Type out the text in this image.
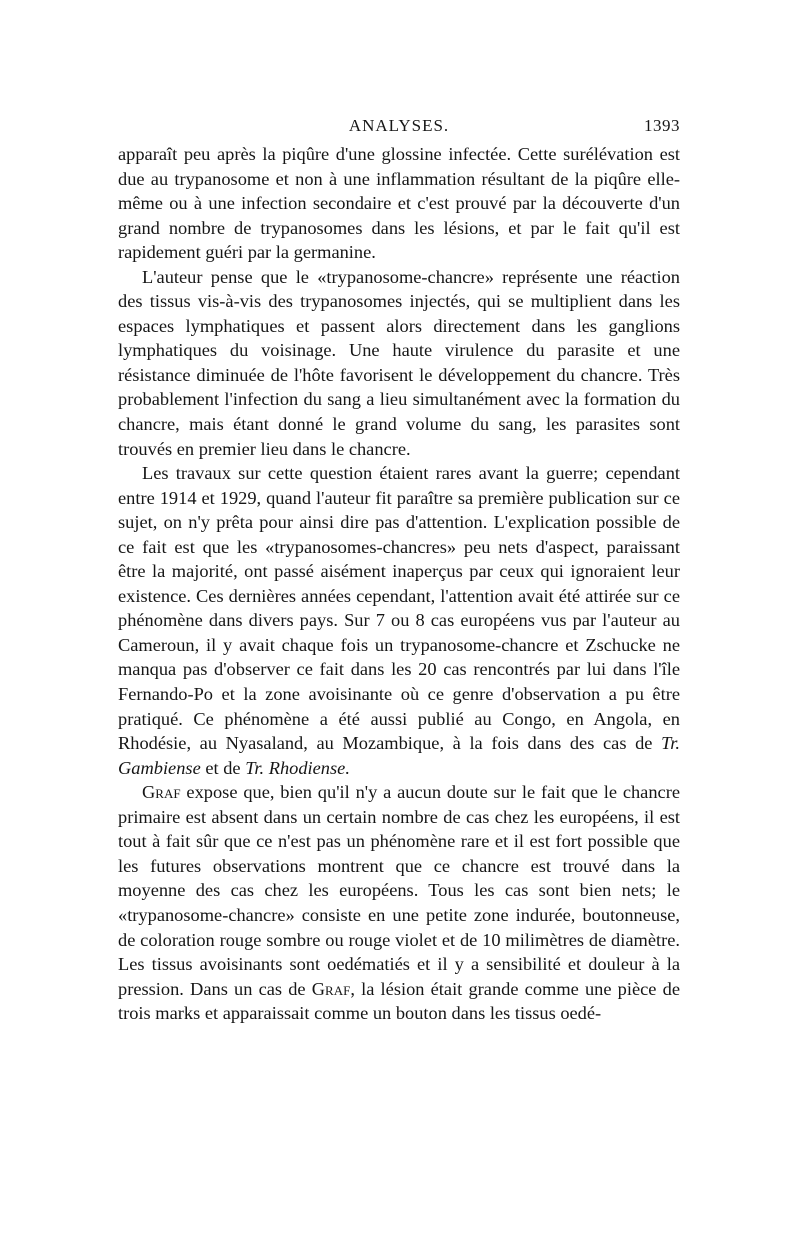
ANALYSES.	1393

apparaît peu après la piqûre d'une glossine infectée. Cette surélévation est due au trypanosome et non à une inflammation résultant de la piqûre elle-même ou à une infection secondaire et c'est prouvé par la découverte d'un grand nombre de trypanosomes dans les lésions, et par le fait qu'il est rapidement guéri par la germanine.

L'auteur pense que le «trypanosome-chancre» représente une réaction des tissus vis-à-vis des trypanosomes injectés, qui se multiplient dans les espaces lymphatiques et passent alors directement dans les ganglions lymphatiques du voisinage. Une haute virulence du parasite et une résistance diminuée de l'hôte favorisent le développement du chancre. Très probablement l'infection du sang a lieu simultanément avec la formation du chancre, mais étant donné le grand volume du sang, les parasites sont trouvés en premier lieu dans le chancre.

Les travaux sur cette question étaient rares avant la guerre; cependant entre 1914 et 1929, quand l'auteur fit paraître sa première publication sur ce sujet, on n'y prêta pour ainsi dire pas d'attention. L'explication possible de ce fait est que les «trypanosomes-chancres» peu nets d'aspect, paraissant être la majorité, ont passé aisément inaperçus par ceux qui ignoraient leur existence. Ces dernières années cependant, l'attention avait été attirée sur ce phénomène dans divers pays. Sur 7 ou 8 cas européens vus par l'auteur au Cameroun, il y avait chaque fois un trypanosome-chancre et Zschucke ne manqua pas d'observer ce fait dans les 20 cas rencontrés par lui dans l'île Fernando-Po et la zone avoisinante où ce genre d'observation a pu être pratiqué. Ce phénomène a été aussi publié au Congo, en Angola, en Rhodésie, au Nyasaland, au Mozambique, à la fois dans des cas de Tr. Gambiense et de Tr. Rhodiense.

Graf expose que, bien qu'il n'y a aucun doute sur le fait que le chancre primaire est absent dans un certain nombre de cas chez les européens, il est tout à fait sûr que ce n'est pas un phénomène rare et il est fort possible que les futures observations montrent que ce chancre est trouvé dans la moyenne des cas chez les européens. Tous les cas sont bien nets; le «trypanosome-chancre» consiste en une petite zone indurée, boutonneuse, de coloration rouge sombre ou rouge violet et de 10 milimètres de diamètre. Les tissus avoisinants sont oedématiés et il y a sensibilité et douleur à la pression. Dans un cas de Graf, la lésion était grande comme une pièce de trois marks et apparaissait comme un bouton dans les tissus oedé-
